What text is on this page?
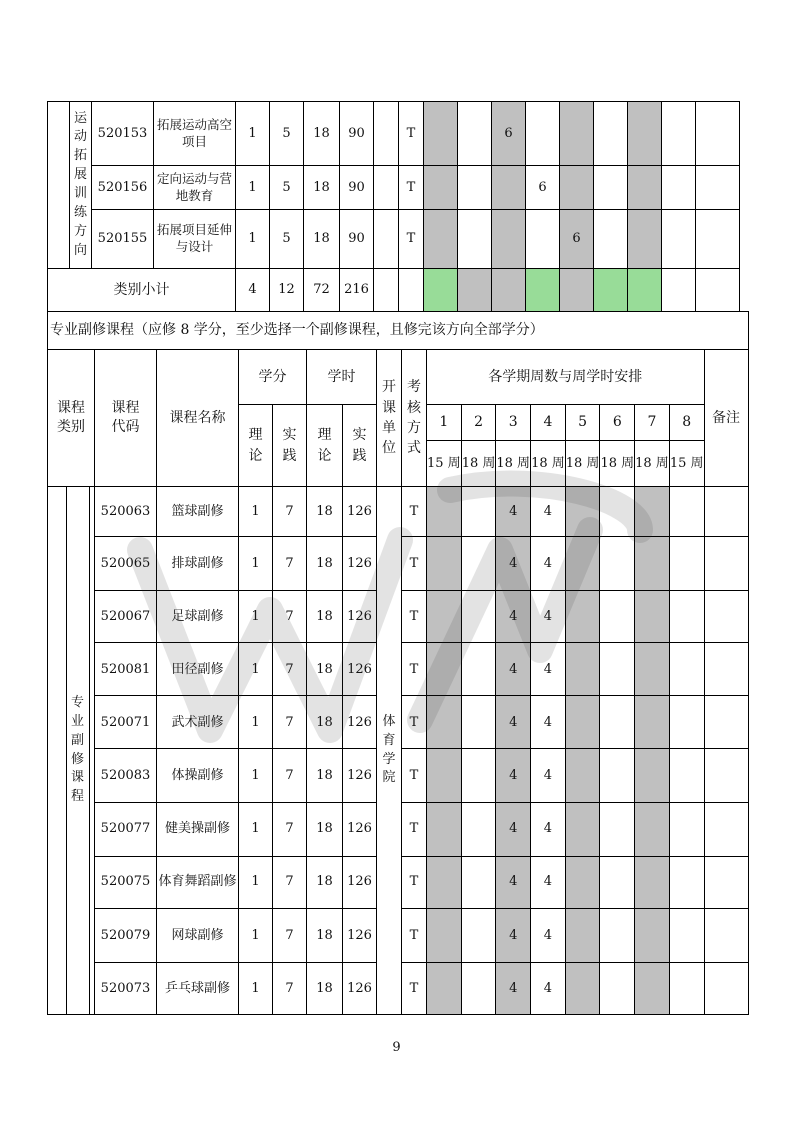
	运动拓展训练方向	520153	拓展运动高空项目	1	5	18	90		T			6						
		520156	定向运动与营地教育	1	5	18	90		T				6					
		520155	拓展项目延伸与设计	1	5	18	90		T					6				
类别小计				4	12	72	216											
专业副修课程（应修 8 学分，至少选择一个副修课程，且修完该方向全部学分）																	
课程类别	课程代码	课程名称	学分		学时		开课单位	考核方式	各学期周数与周学时安排								备注
			理论	实践	理论	实践			1	2	3	4	5	6	7	8	
									15 周	18 周	18 周	18 周	18 周	18 周	18 周	15 周	

专业副修课程	520063	篮球副修	1	7	18	126	体育学院	T			4	4					
	520065	排球副修	1	7	18	126		T			4	4					
	520067	足球副修	1	7	18	126		T			4	4					
	520081	田径副修	1	7	18	126		T			4	4					
	520071	武术副修	1	7	18	126		T			4	4					
	520083	体操副修	1	7	18	126		T			4	4					
	520077	健美操副修	1	7	18	126		T			4	4					
	520075	体育舞蹈副修	1	7	18	126		T			4	4					
	520079	网球副修	1	7	18	126		T			4	4					
	520073	乒乓球副修	1	7	18	126		T			4	4					
9
